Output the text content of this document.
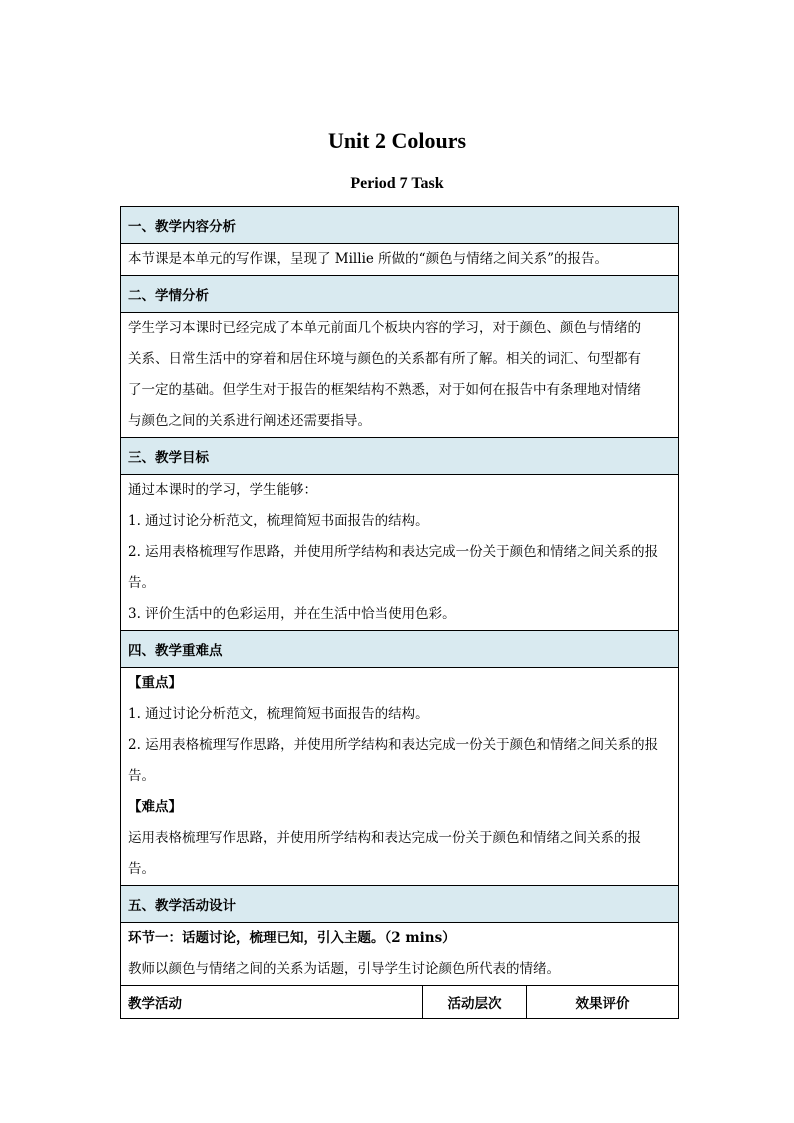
Unit 2 Colours
Period 7 Task
一、教学内容分析

本节课是本单元的写作课，呈现了 Millie 所做的“颜色与情绪之间关系”的报告。

二、学情分析

学生学习本课时已经完成了本单元前面几个板块内容的学习，对于颜色、颜色与情绪的
关系、日常生活中的穿着和居住环境与颜色的关系都有所了解。相关的词汇、句型都有
了一定的基础。但学生对于报告的框架结构不熟悉，对于如何在报告中有条理地对情绪
与颜色之间的关系进行阐述还需要指导。

三、教学目标

通过本课时的学习，学生能够：
1. 通过讨论分析范文，梳理简短书面报告的结构。
2. 运用表格梳理写作思路，并使用所学结构和表达完成一份关于颜色和情绪之间关系的报
告。
3. 评价生活中的色彩运用，并在生活中恰当使用色彩。

四、教学重难点

【重点】
1. 通过讨论分析范文，梳理简短书面报告的结构。
2. 运用表格梳理写作思路，并使用所学结构和表达完成一份关于颜色和情绪之间关系的报
告。
【难点】
运用表格梳理写作思路，并使用所学结构和表达完成一份关于颜色和情绪之间关系的报
告。

五、教学活动设计

环节一：话题讨论，梳理已知，引入主题。（2 mins）
教师以颜色与情绪之间的关系为话题，引导学生讨论颜色所代表的情绪。

教学活动	活动层次	效果评价
